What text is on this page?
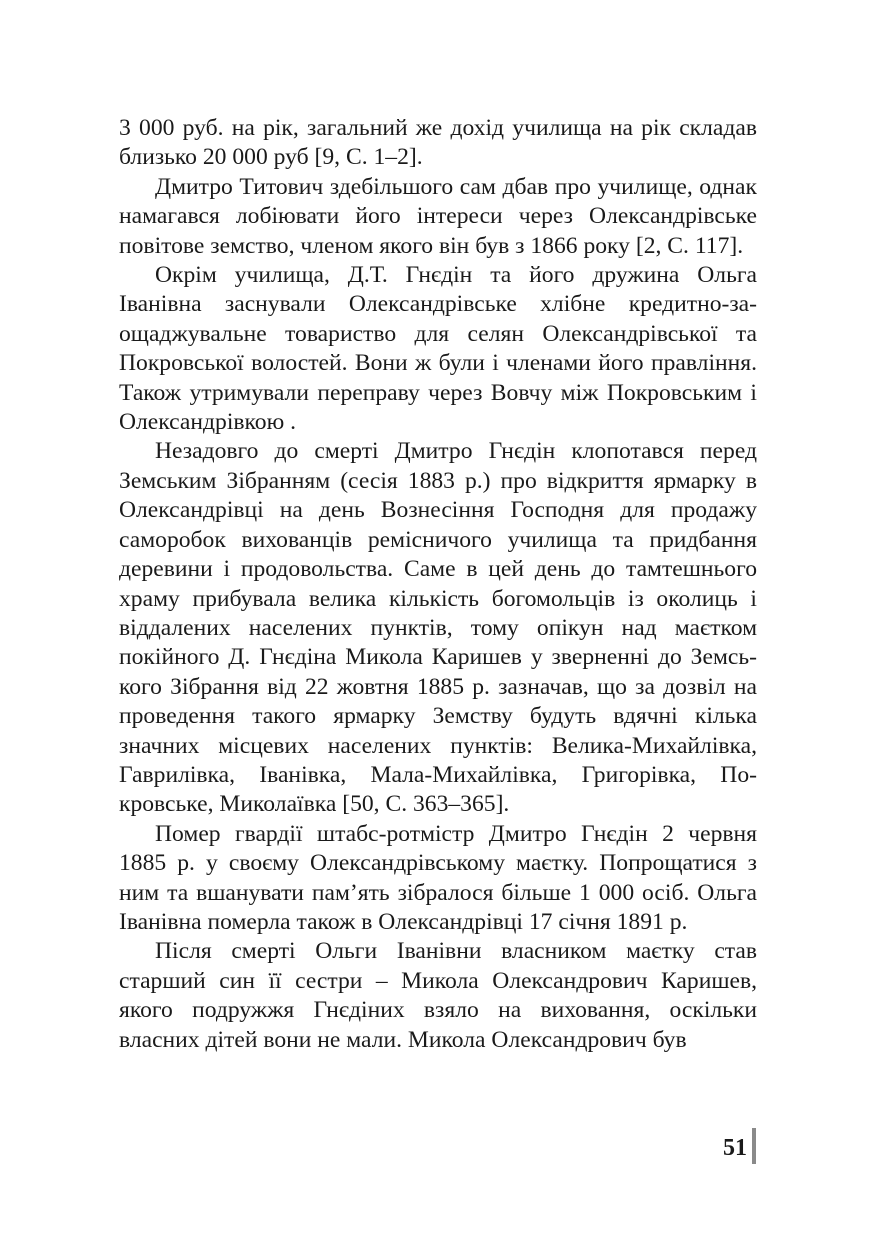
3 000 руб. на рік, загальний же дохід училища на рік складав близько 20 000 руб [9, С. 1–2].

Дмитро Титович здебільшого сам дбав про училище, однак намагався лобіювати його інтереси через Олександрівське повітове земство, членом якого він був з 1866 року [2, С. 117].

Окрім училища, Д.Т. Гнєдін та його дружина Ольга Іванівна заснували Олександрівське хлібне кредитно-заощаджувальне товариство для селян Олександрівської та Покровської волостей. Вони ж були і членами його правління. Також утримували переправу через Вовчу між Покровським і Олександрівкою .

Незадовго до смерті Дмитро Гнєдін клопотався перед Земським Зібранням (сесія 1883 р.) про відкриття ярмарку в Олександрівці на день Вознесіння Господня для продажу саморобок вихованців ремісничого училища та придбання деревини і продовольства. Саме в цей день до тамтешнього храму прибувала велика кількість богомольців із околиць і віддалених населених пунктів, тому опікун над маєтком покійного Д. Гнєдіна Микола Каришев у зверненні до Земського Зібрання від 22 жовтня 1885 р. зазначав, що за дозвіл на проведення такого ярмарку Земству будуть вдячні кілька значних місцевих населених пунктів: Велика-Михайлівка, Гаврилівка, Іванівка, Мала-Михайлівка, Григорівка, Покровське, Миколаївка [50, С. 363–365].

Помер гвардії штабс-ротмістр Дмитро Гнєдін 2 червня 1885 р. у своєму Олександрівському маєтку. Попрощатися з ним та вшанувати пам’ять зібралося більше 1 000 осіб. Ольга Іванівна померла також в Олександрівці 17 січня 1891 р.

Після смерті Ольги Іванівни власником маєтку став старший син її сестри – Микола Олександрович Каришев, якого подружжя Гнєдіних взяло на виховання, оскільки власних дітей вони не мали. Микола Олександрович був

51
